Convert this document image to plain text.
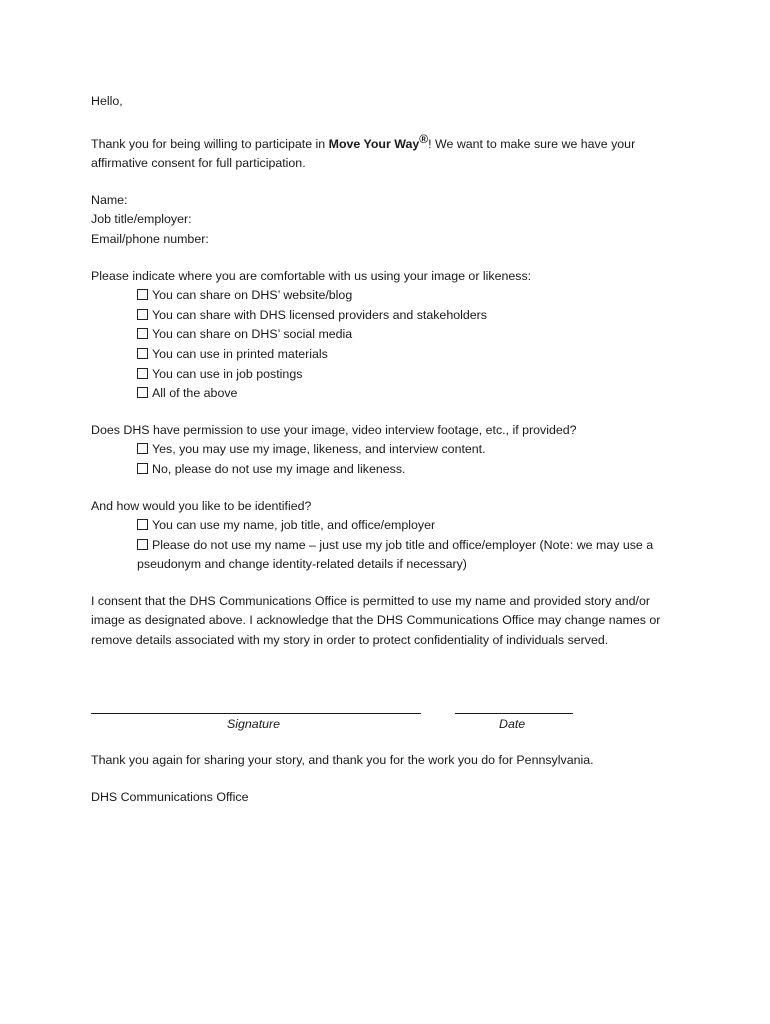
Hello,

Thank you for being willing to participate in Move Your Way®! We want to make sure we have your affirmative consent for full participation.

Name:
Job title/employer:
Email/phone number:
Please indicate where you are comfortable with us using your image or likeness:
You can share on DHS’ website/blog
You can share with DHS licensed providers and stakeholders
You can share on DHS’ social media
You can use in printed materials
You can use in job postings
All of the above
Does DHS have permission to use your image, video interview footage, etc., if provided?
Yes, you may use my image, likeness, and interview content.
No, please do not use my image and likeness.
And how would you like to be identified?
You can use my name, job title, and office/employer
Please do not use my name – just use my job title and office/employer (Note: we may use a pseudonym and change identity-related details if necessary)

I consent that the DHS Communications Office is permitted to use my name and provided story and/or image as designated above. I acknowledge that the DHS Communications Office may change names or remove details associated with my story in order to protect confidentiality of individuals served.

Signature	Date

Thank you again for sharing your story, and thank you for the work you do for Pennsylvania.

DHS Communications Office
